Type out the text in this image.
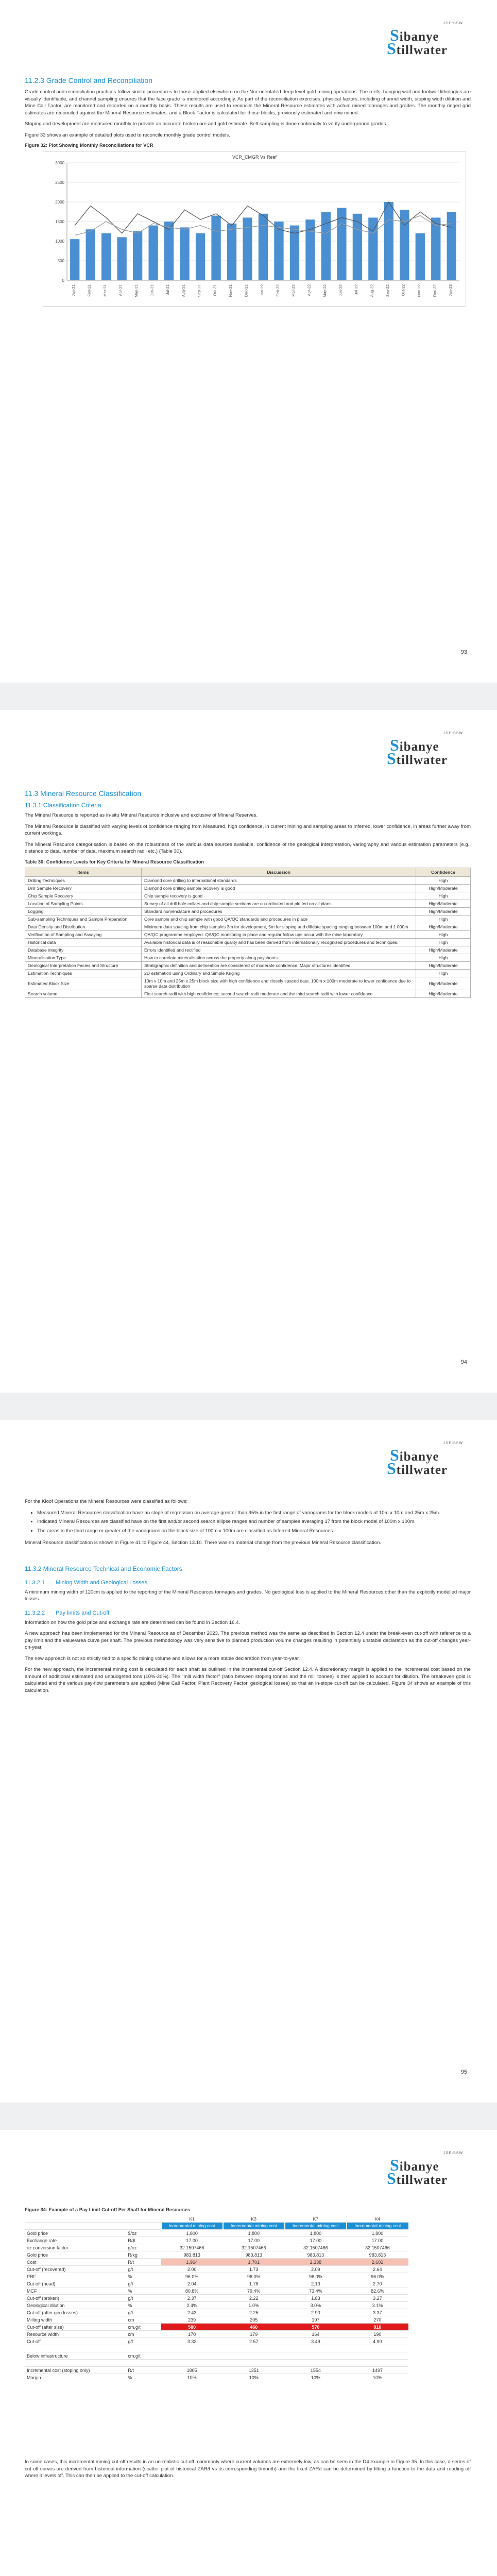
JSE:SSW
Sibanye
Stillwater
11.2.3 Grade Control and Reconciliation

Grade control and reconciliation practices follow similar procedures to those applied elsewhere on the Nor-orientated deep level gold mining operations. The reefs, hanging wall and footwall lithologies are visually identifiable, and channel sampling ensures that the face grade is monitored accordingly. As part of the reconciliation exercises, physical factors, including channel width, stoping width dilution and Mine Call Factor, are monitored and recorded on a monthly basis. These results are used to reconcile the Mineral Resource estimates with actual mined tonnages and grades. The monthly ringed grid estimates are reconciled against the Mineral Resource estimates, and a Block Factor is calculated for those blocks, previously estimated and now mined.

Stoping and development are measured monthly to provide an accurate broken ore and gold estimate. Belt sampling is done continually to verify underground grades.

Figure 33 shows an example of detailed plots used to reconcile monthly grade control models.

Figure 32: Plot Showing Monthly Reconciliations for VCR
VCR_CMGR Vs Reef
3000
2500
2000
1500
1000
500
0
Jan-21	Feb-21	Mar-21	Apr-21	May-21	Jun-21	Jul-21	Aug-21	Sep-21	Oct-21	Nov-21	Dec-21	Jan-22	Feb-22	Mar-22	Apr-22	May-22	Jun-22	Jul-22	Aug-22	Sep-22	Oct-22	Nov-22	Dec-22	Jan-23
93
JSE:SSW
Sibanye
Stillwater
11.3 Mineral Resource Classification
11.3.1 Classification Criteria

The Mineral Resource is reported as in-situ Mineral Resource inclusive and exclusive of Mineral Reserves.

The Mineral Resource is classified with varying levels of confidence ranging from Measured, high confidence, in current mining and sampling areas to Inferred, lower confidence, in areas further away from current workings.

The Mineral Resource categorisation is based on the robustness of the various data sources available, confidence of the geological interpretation, variography and various estimation parameters (e.g., distance to data, number of data, maximum search radii etc.) (Table 30).

Table 30: Confidence Levels for Key Criteria for Mineral Resource Classification
Items	Discussion	Confidence
Drilling Techniques	Diamond core drilling to international standards	High
Drill Sample Recovery	Diamond core drilling sample recovery is good	High/Moderate
Chip Sample Recovery	Chip sample recovery is good	High
Location of Sampling Points	Survey of all drill hole collars and chip sample sections are co-ordinated and plotted on all plans	High/Moderate
Logging	Standard nomenclature and procedures	High/Moderate
Sub-sampling Techniques and Sample Preparation	Core sample and chip sample with good QA/QC standards and procedures in place	High
Data Density and Distribution	Minimum data spacing from chip samples 3m for development, 5m for stoping and diffdate spacing ranging between 100m and 1 000m	High/Moderate
Verification of Sampling and Assaying	QA/QC programme employed. QA/QC monitoring in place and regular follow ups occur with the mine laboratory	High
Historical data	Available historical data is of reasonable quality and has been derived from internationally recognised procedures and techniques.	High
Database integrity	Errors identified and rectified	High/Moderate
Mineralisation Type	How to correlate mineralisation across the property along payshoots	High
Geological Interpretation Facies and Structure	Stratigraphic definition and delineation are considered of moderate confidence. Major structures identified	High/Moderate
Estimation Techniques	2D estimation using Ordinary and Simple Kriging	High
Estimated Block Size	10m x 10m and 25m x 25m block size with high confidence and closely spaced data. 100m x 100m moderate to lower confidence due to sparse data distribution	High/Moderate
Search volume	First search radii with high confidence; second search radii moderate and the third search radii with lower confidence.	High/Moderate
94
JSE:SSW
Sibanye
Stillwater

For the Kloof Operations the Mineral Resources were classified as follows:

• Measured Mineral Resources classification have an slope of regression on average greater than 95% in the first range of variograms for the block models of 10m x 10m and 25m x 25m.
• Indicated Mineral Resources are classified have on the first and/or second search ellipse ranges and number of samples averaging 17 from the block model of 100m x 100m.
• The areas in the third range or greater of the variograms on the block size of 100m x 100m are classified as Inferred Mineral Resources.

Mineral Resource classification is shown in Figure 41 to Figure 44, Section 13.10. There was no material change from the previous Mineral Resource classification.

11.3.2 Mineral Resource Technical and Economic Factors
11.3.2.1 Mining Width and Geological Losses

A minimum mining width of 120cm is applied to the reporting of the Mineral Resources tonnages and grades. No geological loss is applied to the Mineral Resources other than the explicitly modelled major losses.

11.3.2.2 Pay limits and Cut-off

Information on how the gold price and exchange rate are determined can be found in Section 16.4.

A new approach has been implemented for the Mineral Resource as of December 2023. The previous method was the same as described in Section 12.4 under the break-even cut-off with reference to a pay limit and the value/area curve per shaft. The previous methodology was very sensitive to planned production volume changes resulting in potentially unstable declaration as the cut-off changes year-on-year.

The new approach is not so strictly tied to a specific mining volume and allows for a more stable declaration from year-to-year.

For the new approach, the incremental mining cost is calculated for each shaft as outlined in the incremental cut-off Section 12.4. A discretionary margin is applied to the incremental cost based on the amount of additional estimated and unbudgeted tons (10%-20%). The "mill width factor" (ratio between stoping tonnes and the mill tonnes) is then applied to account for dilution. The breakeven gold is calculated and the various pay-flow parameters are applied (Mine Call Factor, Plant Recovery Factor, geological losses) so that an in-stope cut-off can be calculated. Figure 34 shows an example of this calculation.

95
JSE:SSW
Sibanye
Stillwater
Figure 34: Example of a Pay Limit Cut-off Per Shaft for Mineral Resources
		K1	K3	K7	K4
		Incremental mining cost	Incremental mining cost	Incremental mining cost	Incremental mining cost
Gold price	$/oz	1,800	1,800	1,800	1,800
Exchange rate	R/$	17.00	17.00	17.00	17.00
oz conversion factor	g/oz	32.1507466	32.1507466	32.1507466	32.1507466
Gold price	R/kg	983,813	983,813	983,813	983,813
Cost	R/t	1,964	1,701	2,338	2,602
Cut-off (recovered)	g/t	2.00	1.73	2.09	2.64
PRF	%	96.0%	96.0%	96.0%	96.0%
Cut-off (head)	g/t	2.04	1.76	2.13	2.70
MCF	%	80.8%	79.4%	73.4%	82.6%
Cut-off (broken)	g/t	2.37	2.22	1.83	3.27
Geological dilution	%	2.4%	1.0%	3.0%	3.1%
Cut-off (after geo losses)	g/t	2.43	2.25	2.90	3.37
Milling width	cm	239	205	197	270
Cut-off (after size)	cm.g/t	580	460	570	910
Resource width	cm	170	179	164	190
Cut-off	g/t	3.32	2.57	3.49	4.90

Below infrastructure	cm.g/t				

Incremental cost (stoping only)	R/t	1805	1351	1554	1497
Margin	%	10%	10%	10%	10%

In some cases, this incremental mining cut-off results in an un-realistic cut-off, commonly where current volumes are extremely low, as can be seen in the D4 example in Figure 35. In this case, a series of cut-off curves are derived from historical information (scatter plot of historical ZAR/t vs its corresponding t/month) and the fixed ZAR/t can be determined by fitting a function to the data and reading off where it levels off. This can then be applied to the cut-off calculation.
